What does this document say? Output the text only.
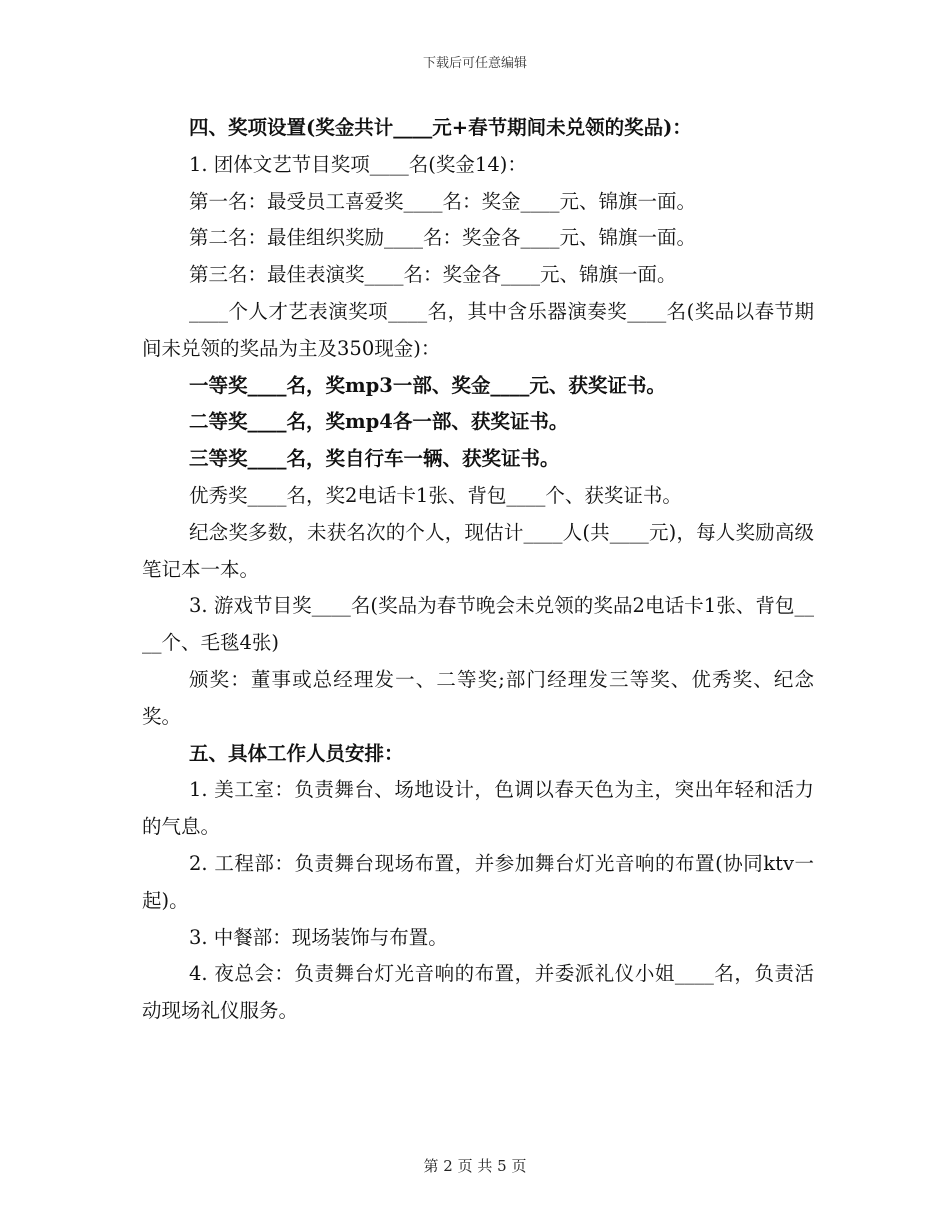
下载后可任意编辑

四、奖项设置(奖金共计____元+春节期间未兑领的奖品)：

1. 团体文艺节目奖项____名(奖金14)：

第一名：最受员工喜爱奖____名：奖金____元、锦旗一面。

第二名：最佳组织奖励____名：奖金各____元、锦旗一面。

第三名：最佳表演奖____名：奖金各____元、锦旗一面。

____个人才艺表演奖项____名，其中含乐器演奏奖____名(奖品以春节期间未兑领的奖品为主及350现金)：

一等奖____名，奖mp3一部、奖金____元、获奖证书。

二等奖____名，奖mp4各一部、获奖证书。

三等奖____名，奖自行车一辆、获奖证书。

优秀奖____名，奖2电话卡1张、背包____个、获奖证书。

纪念奖多数，未获名次的个人，现估计____人(共____元)，每人奖励高级笔记本一本。

3. 游戏节目奖____名(奖品为春节晚会未兑领的奖品2电话卡1张、背包____个、毛毯4张)

颁奖：董事或总经理发一、二等奖;部门经理发三等奖、优秀奖、纪念奖。

五、具体工作人员安排：

1. 美工室：负责舞台、场地设计，色调以春天色为主，突出年轻和活力的气息。

2. 工程部：负责舞台现场布置，并参加舞台灯光音响的布置(协同ktv一起)。

3. 中餐部：现场装饰与布置。

4. 夜总会：负责舞台灯光音响的布置，并委派礼仪小姐____名，负责活动现场礼仪服务。

第 2 页 共 5 页
